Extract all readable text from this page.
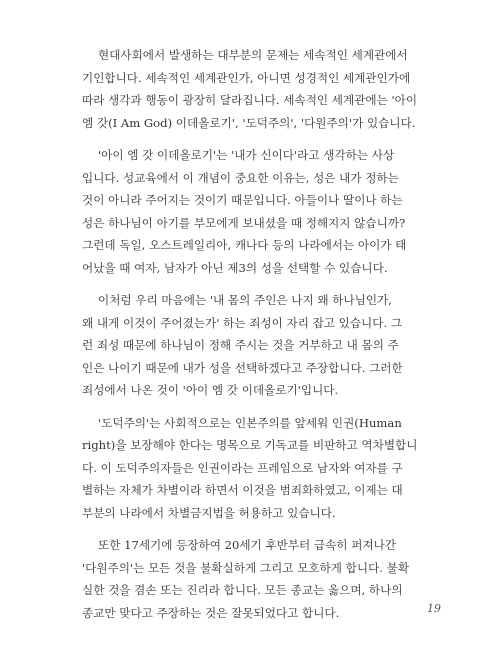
현대사회에서 발생하는 대부분의 문제는 세속적인 세계관에서
기인합니다. 세속적인 세계관인가, 아니면 성경적인 세계관인가에
따라 생각과 행동이 광장히 달라집니다. 세속적인 세계관에는 '아이
엠 갓(I Am God) 이데올로기', '도덕주의', '다원주의'가 있습니다.
'아이 엠 갓 이데올로기'는 '내가 신이다'라고 생각하는 사상
입니다. 성교육에서 이 개념이 중요한 이유는, 성은 내가 정하는
것이 아니라 주어지는 것이기 때문입니다. 아들이나 딸이나 하는
성은 하나님이 아기를 부모에게 보내셨을 때 정해지지 않습니까?
그런데 독일, 오스트레일리아, 캐나다 등의 나라에서는 아이가 태
어났을 때 여자, 남자가 아닌 제3의 성을 선택할 수 있습니다.
이처럼 우리 마음에는 '내 몸의 주인은 나지 왜 하나님인가,
왜 내게 이것이 주어졌는가' 하는 죄성이 자리 잡고 있습니다. 그
런 죄성 때문에 하나님이 정해 주시는 것을 거부하고 내 몸의 주
인은 나이기 때문에 내가 성을 선택하겠다고 주장합니다. 그러한
죄성에서 나온 것이 '아이 엠 갓 이데올로기'입니다.
'도덕주의'는 사회적으로는 인본주의를 앞세워 인권(Human
right)을 보장해야 한다는 명목으로 기독교를 비판하고 역차별합니
다. 이 도덕주의자들은 인권이라는 프레임으로 남자와 여자를 구
별하는 자체가 차별이라 하면서 이것을 범죄화하였고, 이제는 대
부분의 나라에서 차별금지법을 허용하고 있습니다.
또한 17세기에 등장하여 20세기 후반부터 급속히 퍼져나간
'다원주의'는 모든 것을 불확실하게 그리고 모호하게 합니다. 불확
실한 것을 겸손 또는 진리라 합니다. 모든 종교는 옳으며, 하나의
종교만 맞다고 주장하는 것은 잘못되었다고 합니다.	19
